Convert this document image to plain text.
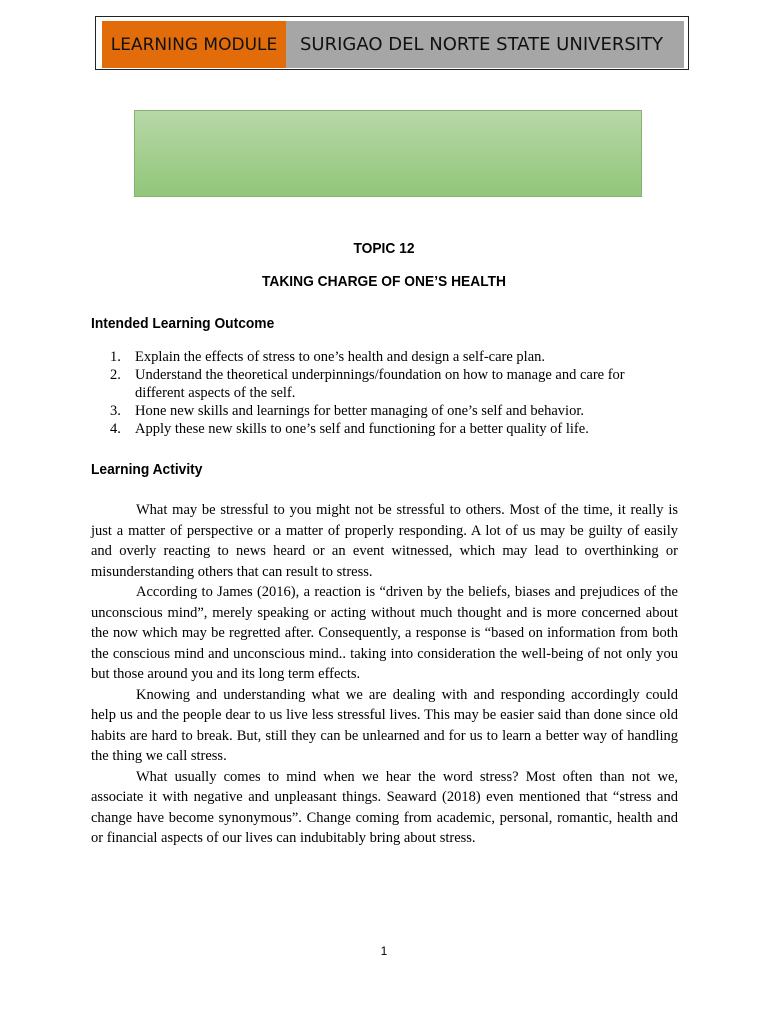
LEARNING MODULE	SURIGAO DEL NORTE STATE UNIVERSITY
TOPIC 12
TAKING CHARGE OF ONE’S HEALTH
Intended Learning Outcome
1. Explain the effects of stress to one’s health and design a self-care plan.
2. Understand the theoretical underpinnings/foundation on how to manage and care for different aspects of the self.
3. Hone new skills and learnings for better managing of one’s self and behavior.
4. Apply these new skills to one’s self and functioning for a better quality of life.
Learning Activity

What may be stressful to you might not be stressful to others. Most of the time, it really is just a matter of perspective or a matter of properly responding. A lot of us may be guilty of easily and overly reacting to news heard or an event witnessed, which may lead to overthinking or misunderstanding others that can result to stress.

According to James (2016), a reaction is “driven by the beliefs, biases and prejudices of the unconscious mind”, merely speaking or acting without much thought and is more concerned about the now which may be regretted after. Consequently, a response is “based on information from both the conscious mind and unconscious mind.. taking into consideration the well-being of not only you but those around you and its long term effects.

Knowing and understanding what we are dealing with and responding accordingly could help us and the people dear to us live less stressful lives. This may be easier said than done since old habits are hard to break. But, still they can be unlearned and for us to learn a better way of handling the thing we call stress.

What usually comes to mind when we hear the word stress? Most often than not we, associate it with negative and unpleasant things. Seaward (2018) even mentioned that “stress and change have become synonymous”. Change coming from academic, personal, romantic, health and or financial aspects of our lives can indubitably bring about stress.

1
